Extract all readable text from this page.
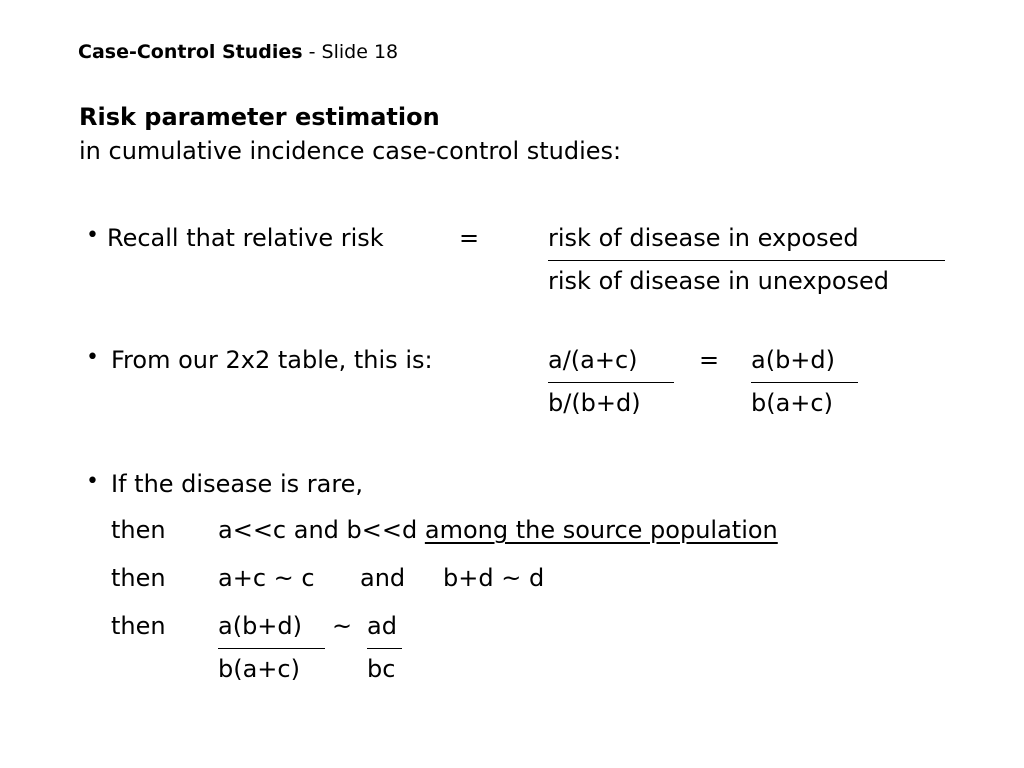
Case-Control Studies - Slide 18
Risk parameter estimation
in cumulative incidence case-control studies:
• Recall that relative risk	=	risk of disease in exposed
risk of disease in unexposed
• From our 2x2 table, this is:	a/(a+c)
b/(b+d)
= a(b+d)
b(a+c)
• If the disease is rare,
then a<<c and b<<d among the source population
then a+c ~ c and b+d ~ d
then a(b+d)
b(a+c)
~ ad
bc
